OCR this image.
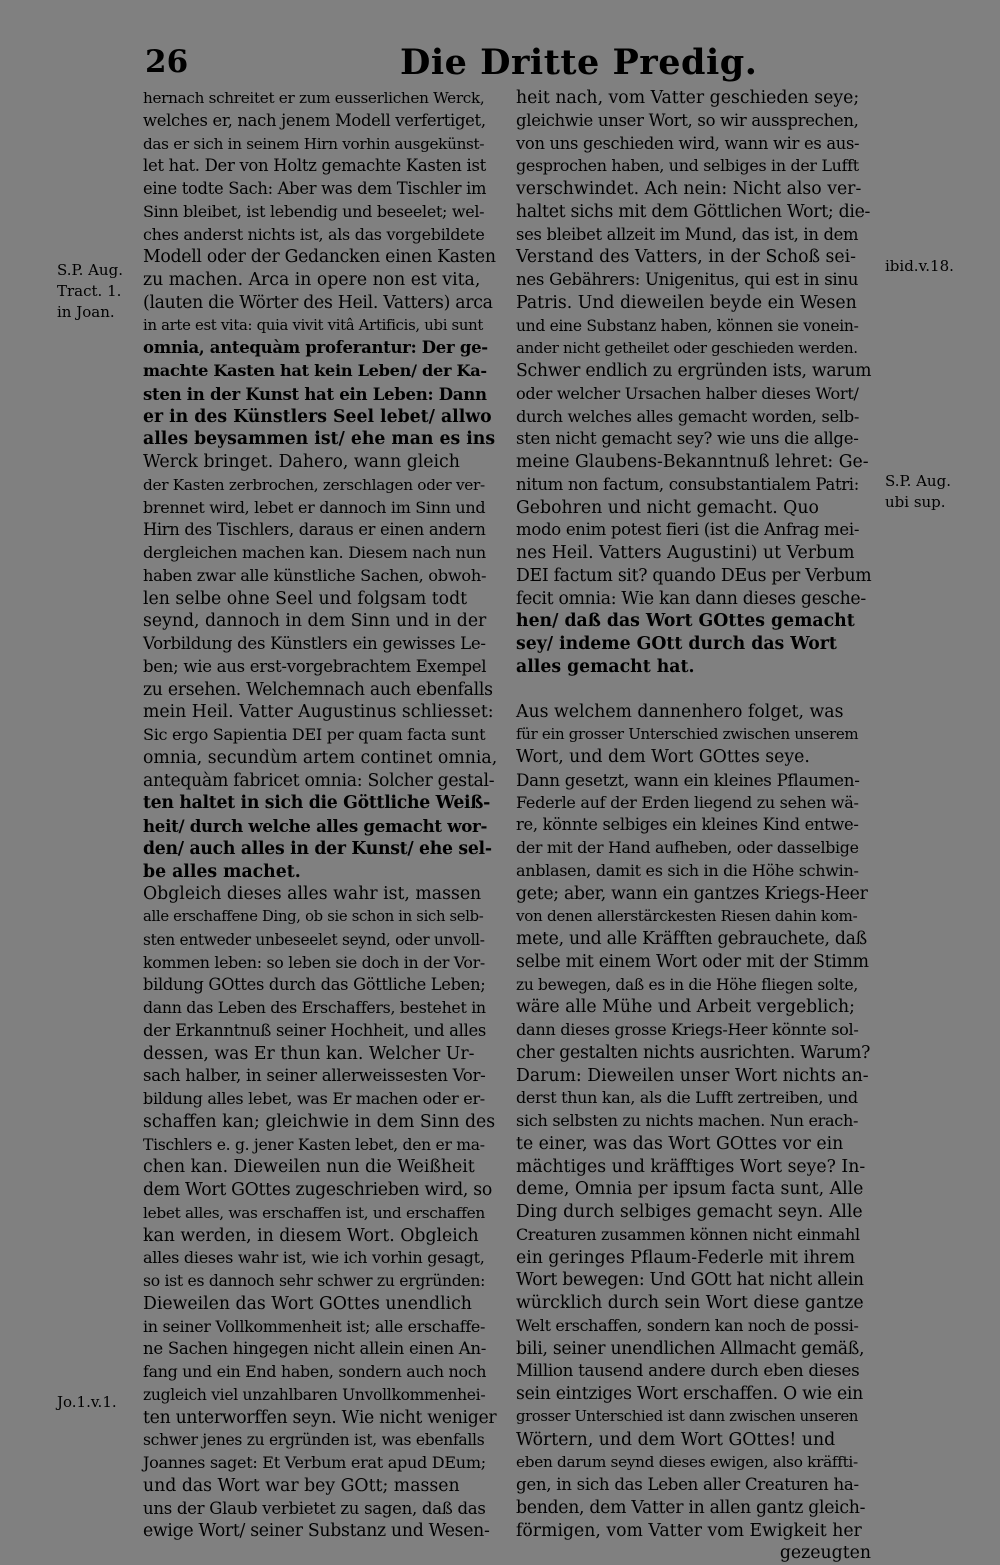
26	Die Dritte Predig.
S.P. Aug.
Tract. 1.
in Joan.
ibid.v.18.
S.P. Aug.
ubi sup.
Jo.1.v.1.
hernach schreitet er zum eusserlichen Werck,
welches er, nach jenem Modell verfertiget,
das er sich in seinem Hirn vorhin ausgekünst-
let hat. Der von Holtz gemachte Kasten ist
eine todte Sach: Aber was dem Tischler im
Sinn bleibet, ist lebendig und beseelet; wel-
ches anderst nichts ist, als das vorgebildete
Modell oder der Gedancken einen Kasten
zu machen. Arca in opere non est vita,
(lauten die Wörter des Heil. Vatters) arca
in arte est vita: quia vivit vitâ Artificis, ubi sunt
omnia, antequàm proferantur: Der ge-
machte Kasten hat kein Leben/ der Ka-
sten in der Kunst hat ein Leben: Dann
er in des Künstlers Seel lebet/ allwo
alles beysammen ist/ ehe man es ins
Werck bringet. Dahero, wann gleich
der Kasten zerbrochen, zerschlagen oder ver-
brennet wird, lebet er dannoch im Sinn und
Hirn des Tischlers, daraus er einen andern
dergleichen machen kan. Diesem nach nun
haben zwar alle künstliche Sachen, obwoh-
len selbe ohne Seel und folgsam todt
seynd, dannoch in dem Sinn und in der
Vorbildung des Künstlers ein gewisses Le-
ben; wie aus erst-vorgebrachtem Exempel
zu ersehen. Welchemnach auch ebenfalls
mein Heil. Vatter Augustinus schliesset:
Sic ergo Sapientia DEI per quam facta sunt
omnia, secundùm artem continet omnia,
antequàm fabricet omnia: Solcher gestal-
ten haltet in sich die Göttliche Weiß-
heit/ durch welche alles gemacht wor-
den/ auch alles in der Kunst/ ehe sel-
be alles machet.
Obgleich dieses alles wahr ist, massen
alle erschaffene Ding, ob sie schon in sich selb-
sten entweder unbeseelet seynd, oder unvoll-
kommen leben: so leben sie doch in der Vor-
bildung GOttes durch das Göttliche Leben;
dann das Leben des Erschaffers, bestehet in
der Erkanntnuß seiner Hochheit, und alles
dessen, was Er thun kan. Welcher Ur-
sach halber, in seiner allerweissesten Vor-
bildung alles lebet, was Er machen oder er-
schaffen kan; gleichwie in dem Sinn des
Tischlers e. g. jener Kasten lebet, den er ma-
chen kan. Dieweilen nun die Weißheit
dem Wort GOttes zugeschrieben wird, so
lebet alles, was erschaffen ist, und erschaffen
kan werden, in diesem Wort. Obgleich
alles dieses wahr ist, wie ich vorhin gesagt,
so ist es dannoch sehr schwer zu ergründen:
Dieweilen das Wort GOttes unendlich
in seiner Vollkommenheit ist; alle erschaffe-
ne Sachen hingegen nicht allein einen An-
fang und ein End haben, sondern auch noch
zugleich viel unzahlbaren Unvollkommenhei-
ten unterworffen seyn. Wie nicht weniger
schwer jenes zu ergründen ist, was ebenfalls
Joannes saget: Et Verbum erat apud DEum;
und das Wort war bey GOtt; massen
uns der Glaub verbietet zu sagen, daß das
ewige Wort/ seiner Substanz und Wesen-
heit nach, vom Vatter geschieden seye;
gleichwie unser Wort, so wir aussprechen,
von uns geschieden wird, wann wir es aus-
gesprochen haben, und selbiges in der Lufft
verschwindet. Ach nein: Nicht also ver-
haltet sichs mit dem Göttlichen Wort; die-
ses bleibet allzeit im Mund, das ist, in dem
Verstand des Vatters, in der Schoß sei-
nes Gebährers: Unigenitus, qui est in sinu
Patris. Und dieweilen beyde ein Wesen
und eine Substanz haben, können sie vonein-
ander nicht getheilet oder geschieden werden.
Schwer endlich zu ergründen ists, warum
oder welcher Ursachen halber dieses Wort/
durch welches alles gemacht worden, selb-
sten nicht gemacht sey? wie uns die allge-
meine Glaubens-Bekanntnuß lehret: Ge-
nitum non factum, consubstantialem Patri:
Gebohren und nicht gemacht. Quo
modo enim potest fieri (ist die Anfrag mei-
nes Heil. Vatters Augustini) ut Verbum
DEI factum sit? quando DEus per Verbum
fecit omnia: Wie kan dann dieses gesche-
hen/ daß das Wort GOttes gemacht
sey/ indeme GOtt durch das Wort
alles gemacht hat.
Aus welchem dannenhero folget, was
für ein grosser Unterschied zwischen unserem
Wort, und dem Wort GOttes seye.
Dann gesetzt, wann ein kleines Pflaumen-
Federle auf der Erden liegend zu sehen wä-
re, könnte selbiges ein kleines Kind entwe-
der mit der Hand aufheben, oder dasselbige
anblasen, damit es sich in die Höhe schwin-
gete; aber, wann ein gantzes Kriegs-Heer
von denen allerstärckesten Riesen dahin kom-
mete, und alle Kräfften gebrauchete, daß
selbe mit einem Wort oder mit der Stimm
zu bewegen, daß es in die Höhe fliegen solte,
wäre alle Mühe und Arbeit vergeblich;
dann dieses grosse Kriegs-Heer könnte sol-
cher gestalten nichts ausrichten. Warum?
Darum: Dieweilen unser Wort nichts an-
derst thun kan, als die Lufft zertreiben, und
sich selbsten zu nichts machen. Nun erach-
te einer, was das Wort GOttes vor ein
mächtiges und kräfftiges Wort seye? In-
deme, Omnia per ipsum facta sunt, Alle
Ding durch selbiges gemacht seyn. Alle
Creaturen zusammen können nicht einmahl
ein geringes Pflaum-Federle mit ihrem
Wort bewegen: Und GOtt hat nicht allein
würcklich durch sein Wort diese gantze
Welt erschaffen, sondern kan noch de possi-
bili, seiner unendlichen Allmacht gemäß,
Million tausend andere durch eben dieses
sein eintziges Wort erschaffen. O wie ein
grosser Unterschied ist dann zwischen unseren
Wörtern, und dem Wort GOttes! und
eben darum seynd dieses ewigen, also kräffti-
gen, in sich das Leben aller Creaturen ha-
benden, dem Vatter in allen gantz gleich-
förmigen, vom Vatter vom Ewigkeit her
gezeugten
